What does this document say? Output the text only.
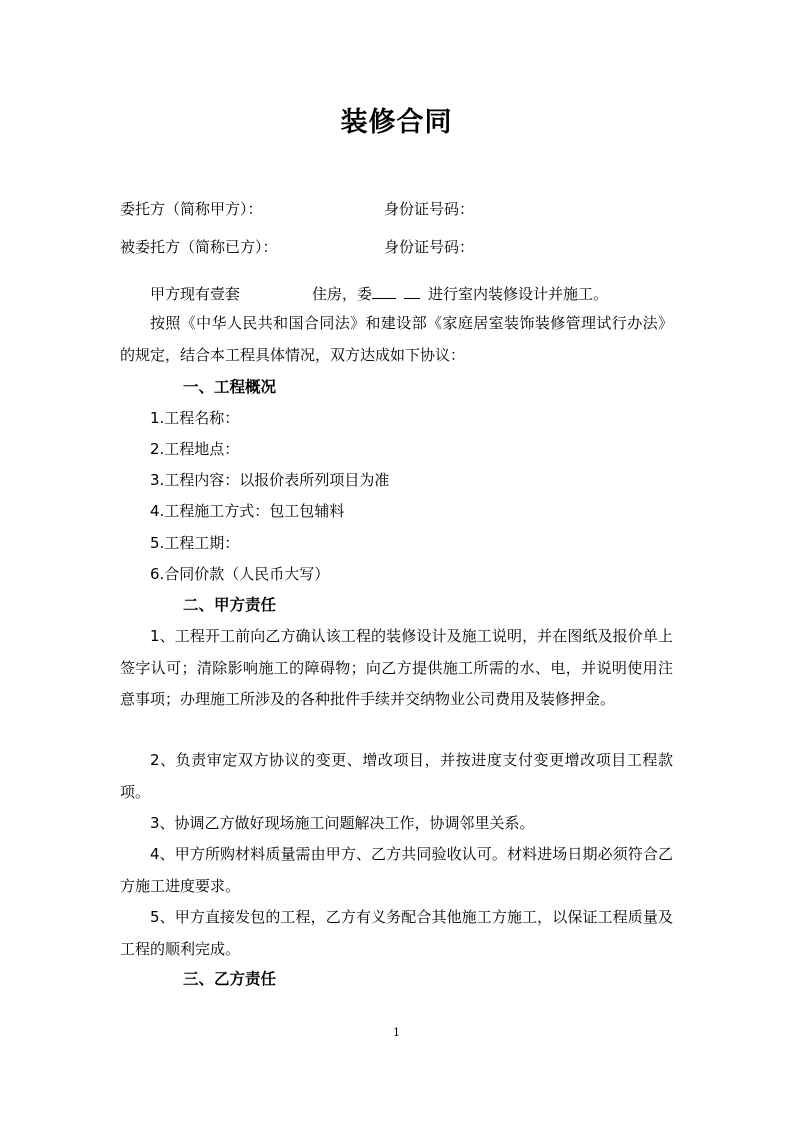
装修合同
委托方（简称甲方）：	身份证号码：
被委托方（简称已方）：	身份证号码：
甲方现有壹套	住房，委	进行室内装修设计并施工。
按照《中华人民共和国合同法》和建设部《家庭居室装饰装修管理试行办法》的规定，结合本工程具体情况，双方达成如下协议：
一、工程概况
1.工程名称：
2.工程地点：
3.工程内容：以报价表所列项目为准
4.工程施工方式：包工包辅料
5.工程工期：
6.合同价款（人民币大写）
二、甲方责任
1、工程开工前向乙方确认该工程的装修设计及施工说明，并在图纸及报价单上签字认可；清除影响施工的障碍物；向乙方提供施工所需的水、电，并说明使用注意事项；办理施工所涉及的各种批件手续并交纳物业公司费用及装修押金。
2、负责审定双方协议的变更、增改项目，并按进度支付变更增改项目工程款项。
3、协调乙方做好现场施工问题解决工作，协调邻里关系。
4、甲方所购材料质量需由甲方、乙方共同验收认可。材料进场日期必须符合乙方施工进度要求。
5、甲方直接发包的工程，乙方有义务配合其他施工方施工，以保证工程质量及工程的顺利完成。
三、乙方责任
1
